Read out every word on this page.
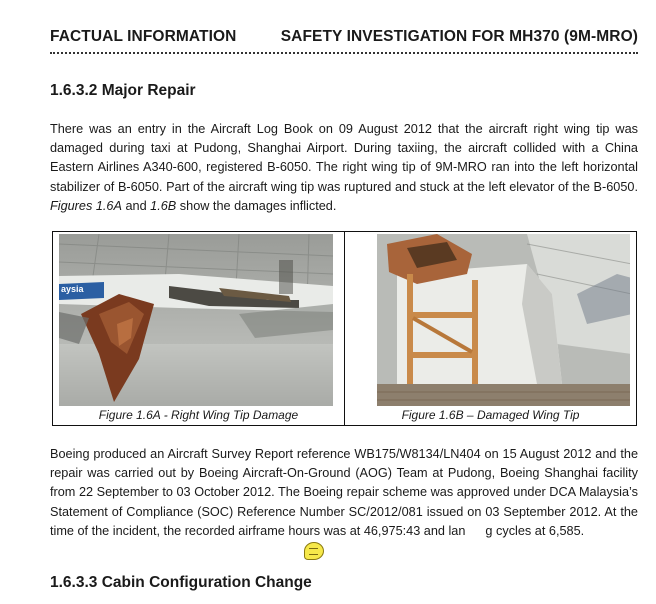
FACTUAL INFORMATION	SAFETY INVESTIGATION FOR MH370 (9M-MRO)
1.6.3.2 Major Repair

There was an entry in the Aircraft Log Book on 09 August 2012 that the aircraft right wing tip was damaged during taxi at Pudong, Shanghai Airport. During taxiing, the aircraft collided with a China Eastern Airlines A340-600, registered B-6050. The right wing tip of 9M-MRO ran into the left horizontal stabilizer of B-6050. Part of the aircraft wing tip was ruptured and stuck at the left elevator of the B-6050. Figures 1.6A and 1.6B show the damages inflicted.

aysia
Figure 1.6A - Right Wing Tip Damage	Figure 1.6B – Damaged Wing Tip

Boeing produced an Aircraft Survey Report reference WB175/W8134/LN404 on 15 August 2012 and the repair was carried out by Boeing Aircraft-On-Ground (AOG) Team at Pudong, Boeing Shanghai facility from 22 September to 03 October 2012. The Boeing repair scheme was approved under DCA Malaysia’s Statement of Compliance (SOC) Reference Number SC/2012/081 issued on 03 September 2012. At the time of the incident, the recorded airframe hours was at 46,975:43 and lan g cycles at 6,585.

1.6.3.3 Cabin Configuration Change
